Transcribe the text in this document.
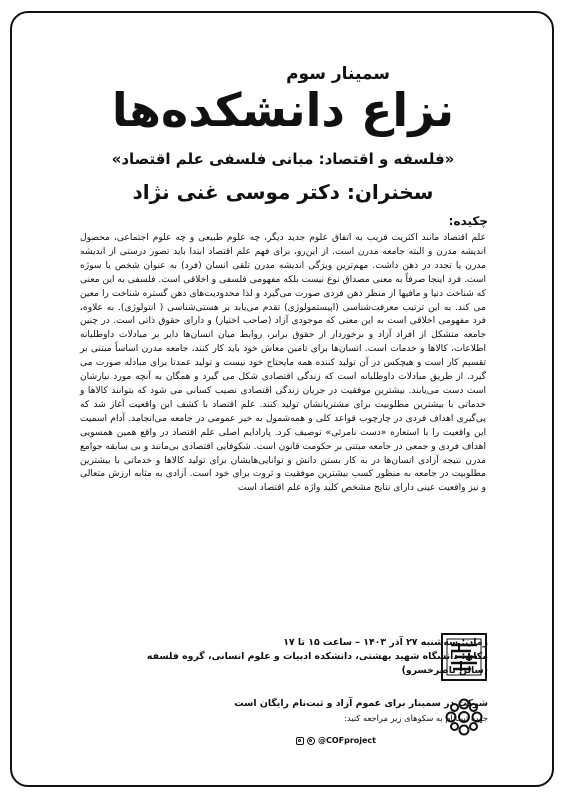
سمینار سوم
نزاع دانشکده‌ها
«فلسفه و اقتصاد: مبانی فلسفی علم اقتصاد»
سخنران: دکتر موسی غنی نژاد
چکیده:

علم اقتصاد مانند اکثریت قریب به اتفاق علوم جدید دیگر، چه علوم طبیعی و چه علوم اجتماعی، محصول اندیشه مدرن و البته جامعه مدرن است. از این‌رو، برای فهم علم اقتصاد ابتدا باید تصور درستی از اندیشه مدرن یا تجدد در ذهن داشت. مهم‌ترین ویژگی اندیشه مدرن تلقی انسان (فرد) به عنوان شخص یا سوژه است. فرد اینجا صرفاً به معنی مصداق نوع نیست بلکه مفهومی فلسفی و اخلاقی است. فلسفی به این معنی که شناخت دنیا و مافیها از منظر ذهن فردی صورت می‌گیرد و لذا محدودیت‌های ذهن گستره شناخت را معین می کند. به این ترتیب معرفت‌شناسی (اپیستمولوژی) تقدم می‌یابد بر هستی‌شناسی ( انتولوژی). به علاوه، فرد مفهومی اخلاقی است به این معنی که موجودی آزاد (صاحب اختیار) و دارای حقوق ذاتی است. در چنین جامعه متشکل از افراد آزاد و برخوردار از حقوق برابر، روابط میان انسان‌ها دایر بر مبادلات داوطلبانه اطلاعات، کالاها و خدمات است. انسان‌ها برای تامین معاش خود باید کار کنند، جامعه مدرن اساساً مبتنی بر تقسیم کار است و هیچکس در آن تولید کننده همه مایحتاج خود نیست و تولید عمدتا برای مبادله صورت می گیرد. از طریق مبادلات داوطلبانه است که زندگی اقتصادی شکل می گیرد و همگان به آنچه مورد نیازشان است دست می‌یابند. بیشترین موفقیت در جریان زندگی اقتصادی نصیب کسانی می شود که بتوانند کالاها و خدماتی با بیشترین مطلوبیت برای مشتریانشان تولید کنند. علم اقتصاد با کشف این واقعیت آغاز شد که پی‌گیری اهداف فردی در چارچوب قواعد کلی و همه‌شمول به خیر عمومی در جامعه می‌انجامد. آدام اسمیت این واقعیت را با استعاره «دست نامرئی» توصیف کرد. پارادایم اصلی علم اقتصاد در واقع همین همسویی اهداف فردی و جمعی در جامعه مبتنی بر حکومت قانون است. شکوفایی اقتصادی بی‌مانند و بی سابقه جوامع مدرن نتیجه آزادی انسان‌ها در به کار بستن دانش و توانایی‌هایشان برای تولید کالاها و خدماتی با بیشترین مطلوبیت در جامعه به منظور کسب بیشترین موفقیت و ثروت برای خود است. آزادی به مثابه ارزش متعالی و نیز واقعیت عینی دارای نتایج مشخص کلید واژه علم اقتصاد است

زمان: سه‌شنبه ۲۷ آذر ۱۴۰۳ – ساعت ۱۵ تا ۱۷
مکان: دانشگاه شهید بهشتی، دانشکده ادبیات و علوم انسانی، گروه فلسفه
(سالن ناصرخسرو)
شرکت در سمینار برای عموم آزاد و ثبت‌نام رایگان است
جهت ثبت‌نام به سکوهای زیر مراجعه کنید:
@COFproject
